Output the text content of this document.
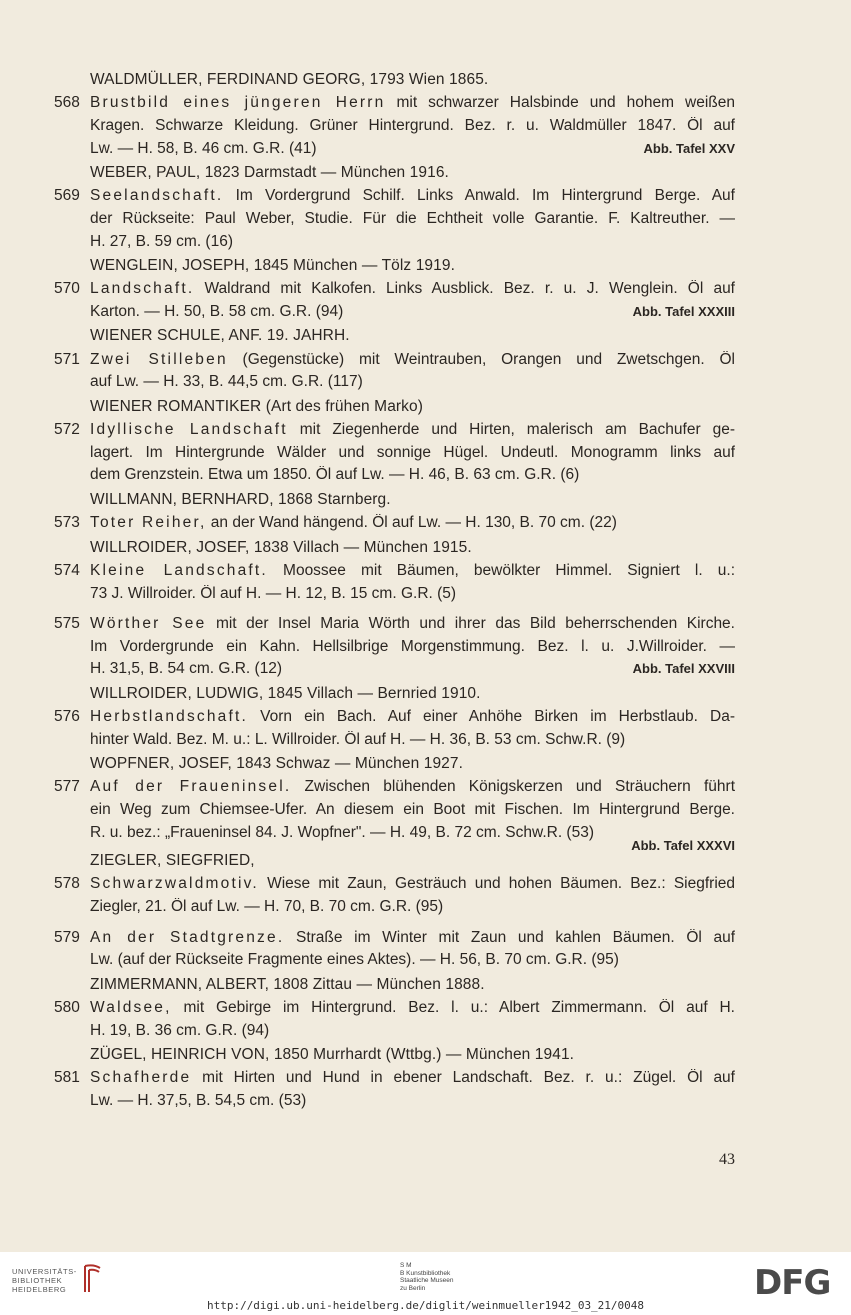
WALDMÜLLER, FERDINAND GEORG, 1793 Wien 1865.
568 Brustbild eines jüngeren Herrn mit schwarzer Halsbinde und hohem weißen
Kragen. Schwarze Kleidung. Grüner Hintergrund. Bez. r. u. Waldmüller 1847. Öl auf
Lw. — H. 58, B. 46 cm. G.R. (41)	Abb. Tafel XXV
WEBER, PAUL, 1823 Darmstadt — München 1916.
569 Seelandschaft. Im Vordergrund Schilf. Links Anwald. Im Hintergrund Berge. Auf
der Rückseite: Paul Weber, Studie. Für die Echtheit volle Garantie. F. Kaltreuther. —
H. 27, B. 59 cm. (16)
WENGLEIN, JOSEPH, 1845 München — Tölz 1919.
570 Landschaft. Waldrand mit Kalkofen. Links Ausblick. Bez. r. u. J. Wenglein. Öl auf
Karton. — H. 50, B. 58 cm. G.R. (94)	Abb. Tafel XXXIII
WIENER SCHULE, ANF. 19. JAHRH.
571 Zwei Stilleben (Gegenstücke) mit Weintrauben, Orangen und Zwetschgen. Öl
auf Lw. — H. 33, B. 44,5 cm. G.R. (117)
WIENER ROMANTIKER (Art des frühen Marko)
572 Idyllische Landschaft mit Ziegenherde und Hirten, malerisch am Bachufer ge-
lagert. Im Hintergrunde Wälder und sonnige Hügel. Undeutl. Monogramm links auf
dem Grenzstein. Etwa um 1850. Öl auf Lw. — H. 46, B. 63 cm. G.R. (6)
WILLMANN, BERNHARD, 1868 Starnberg.
573 Toter Reiher, an der Wand hängend. Öl auf Lw. — H. 130, B. 70 cm. (22)
WILLROIDER, JOSEF, 1838 Villach — München 1915.
574 Kleine Landschaft. Moossee mit Bäumen, bewölkter Himmel. Signiert l. u.:
73 J. Willroider. Öl auf H. — H. 12, B. 15 cm. G.R. (5)
575 Wörther See mit der Insel Maria Wörth und ihrer das Bild beherrschenden Kirche.
Im Vordergrunde ein Kahn. Hellsilbrige Morgenstimmung. Bez. l. u. J.Willroider. —
H. 31,5, B. 54 cm. G.R. (12)	Abb. Tafel XXVIII
WILLROIDER, LUDWIG, 1845 Villach — Bernried 1910.
576 Herbstlandschaft. Vorn ein Bach. Auf einer Anhöhe Birken im Herbstlaub. Da-
hinter Wald. Bez. M. u.: L. Willroider. Öl auf H. — H. 36, B. 53 cm. Schw.R. (9)
WOPFNER, JOSEF, 1843 Schwaz — München 1927.
577 Auf der Fraueninsel. Zwischen blühenden Königskerzen und Sträuchern führt
ein Weg zum Chiemsee-Ufer. An diesem ein Boot mit Fischen. Im Hintergrund Berge.
R. u. bez.: „Fraueninsel 84. J. Wopfner". — H. 49, B. 72 cm. Schw.R. (53)
Abb. Tafel XXXVI
ZIEGLER, SIEGFRIED,
578 Schwarzwaldmotiv. Wiese mit Zaun, Gesträuch und hohen Bäumen. Bez.: Siegfried
Ziegler, 21. Öl auf Lw. — H. 70, B. 70 cm. G.R. (95)
579 An der Stadtgrenze. Straße im Winter mit Zaun und kahlen Bäumen. Öl auf
Lw. (auf der Rückseite Fragmente eines Aktes). — H. 56, B. 70 cm. G.R. (95)
ZIMMERMANN, ALBERT, 1808 Zittau — München 1888.
580 Waldsee, mit Gebirge im Hintergrund. Bez. l. u.: Albert Zimmermann. Öl auf H.
H. 19, B. 36 cm. G.R. (94)
ZÜGEL, HEINRICH VON, 1850 Murrhardt (Wttbg.) — München 1941.
581 Schafherde mit Hirten und Hund in ebener Landschaft. Bez. r. u.: Zügel. Öl auf
Lw. — H. 37,5, B. 54,5 cm. (53)
43
UNIVERSITÄTS-
BIBLIOTHEK
HEIDELBERG
S M
B Kunstbibliothek
Staatliche Museen
zu Berlin	DFG
http://digi.ub.uni-heidelberg.de/diglit/weinmueller1942_03_21/0048
